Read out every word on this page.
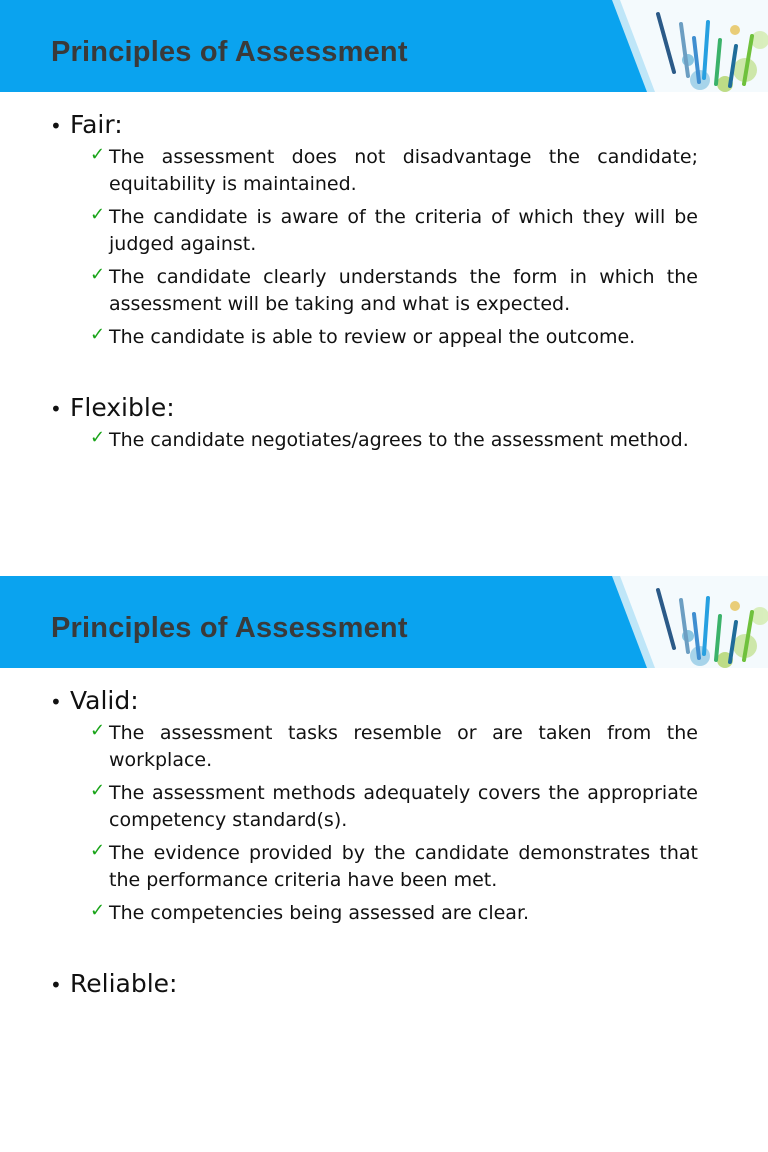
Principles of Assessment
• Fair:
✓ The assessment does not disadvantage the candidate; equitability is maintained.
✓ The candidate is aware of the criteria of which they will be judged against.
✓ The candidate clearly understands the form in which the assessment will be taking and what is expected.
✓ The candidate is able to review or appeal the outcome.
• Flexible:
✓ The candidate negotiates/agrees to the assessment method.
Principles of Assessment
• Valid:
✓ The assessment tasks resemble or are taken from the workplace.
✓ The assessment methods adequately covers the appropriate competency standard(s).
✓ The evidence provided by the candidate demonstrates that the performance criteria have been met.
✓ The competencies being assessed are clear.
• Reliable:
